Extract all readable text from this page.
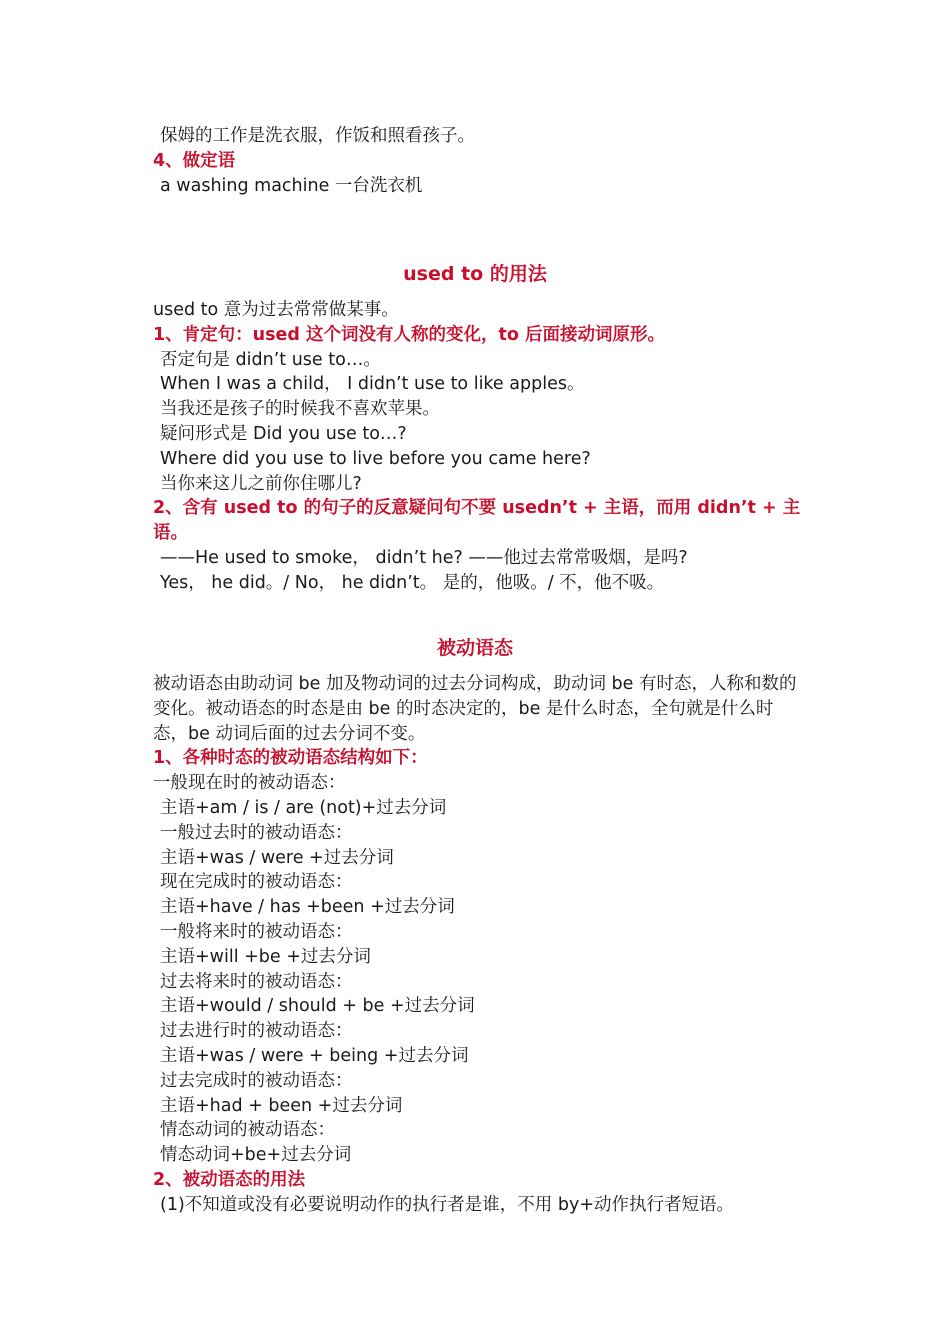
保姆的工作是洗衣服，作饭和照看孩子。
4、做定语
a washing machine 一台洗衣机
used to 的用法
used to 意为过去常常做某事。
1、肯定句：used 这个词没有人称的变化，to 后面接动词原形。
否定句是 didn’t use to…。
When I was a child， I didn’t use to like apples。
当我还是孩子的时候我不喜欢苹果。
疑问形式是 Did you use to…?
Where did you use to live before you came here?
当你来这儿之前你住哪儿?
2、含有 used to 的句子的反意疑问句不要 usedn’t + 主语，而用 didn’t + 主语。
——He used to smoke， didn’t he? ——他过去常常吸烟，是吗?
Yes， he did。/ No， he didn’t。 是的，他吸。/ 不，他不吸。
被动语态
被动语态由助动词 be 加及物动词的过去分词构成，助动词 be 有时态，人称和数的变化。被动语态的时态是由 be 的时态决定的，be 是什么时态，全句就是什么时态，be 动词后面的过去分词不变。
1、各种时态的被动语态结构如下：
一般现在时的被动语态：
主语+am / is / are (not)+过去分词
一般过去时的被动语态：
主语+was / were +过去分词
现在完成时的被动语态：
主语+have / has +been +过去分词
一般将来时的被动语态：
主语+will +be +过去分词
过去将来时的被动语态：
主语+would / should + be +过去分词
过去进行时的被动语态：
主语+was / were + being +过去分词
过去完成时的被动语态：
主语+had + been +过去分词
情态动词的被动语态：
情态动词+be+过去分词
2、被动语态的用法
(1)不知道或没有必要说明动作的执行者是谁，不用 by+动作执行者短语。
